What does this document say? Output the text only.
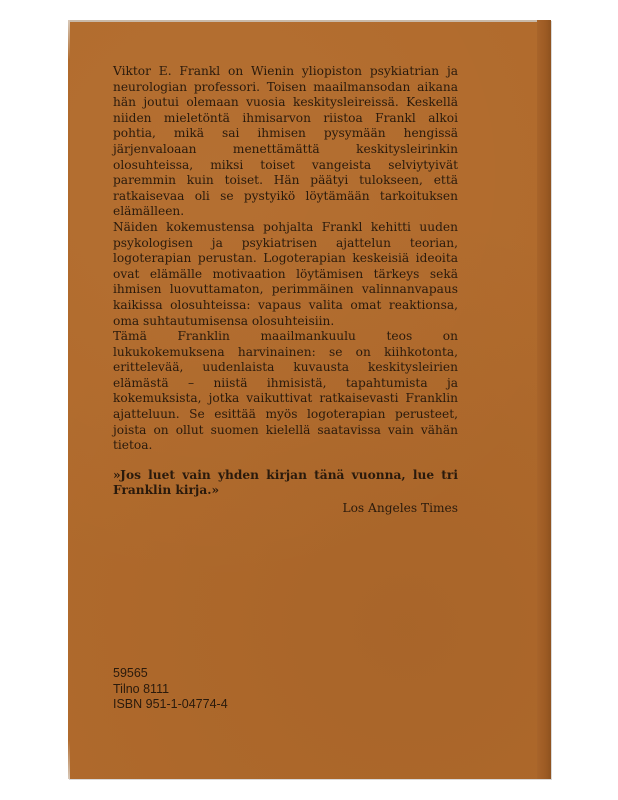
Viktor E. Frankl on Wienin yliopiston psykiatrian ja neurologian professori. Toisen maailmansodan aikana hän joutui olemaan vuosia keskitysleireissä. Keskellä niiden mieletöntä ihmisarvon riistoa Frankl alkoi pohtia, mikä sai ihmisen pysymään hengissä järjenvaloaan menettämättä keskitysleirinkin olosuhteissa, miksi toiset vangeista selviytyivät paremmin kuin toiset. Hän päätyi tulokseen, että ratkaisevaa oli se pystyikö löytämään tarkoituksen elämälleen.

Näiden kokemustensa pohjalta Frankl kehitti uuden psykologisen ja psykiatrisen ajattelun teorian, logoterapian perustan. Logoterapian keskeisiä ideoita ovat elämälle motivaation löytämisen tärkeys sekä ihmisen luovuttamaton, perimmäinen valinnanvapaus kaikissa olosuhteissa: vapaus valita omat reaktionsa, oma suhtautumisensa olosuhteisiin.

Tämä Franklin maailmankuulu teos on lukukokemuksena harvinainen: se on kiihkotonta, erittelevää, uudenlaista kuvausta keskitysleirien elämästä – niistä ihmisistä, tapahtumista ja kokemuksista, jotka vaikuttivat ratkaisevasti Franklin ajatteluun. Se esittää myös logoterapian perusteet, joista on ollut suomen kielellä saatavissa vain vähän tietoa.

»Jos luet vain yhden kirjan tänä vuonna, lue tri Franklin kirja.»

Los Angeles Times

59565
Tilno 8111
ISBN 951-1-04774-4
